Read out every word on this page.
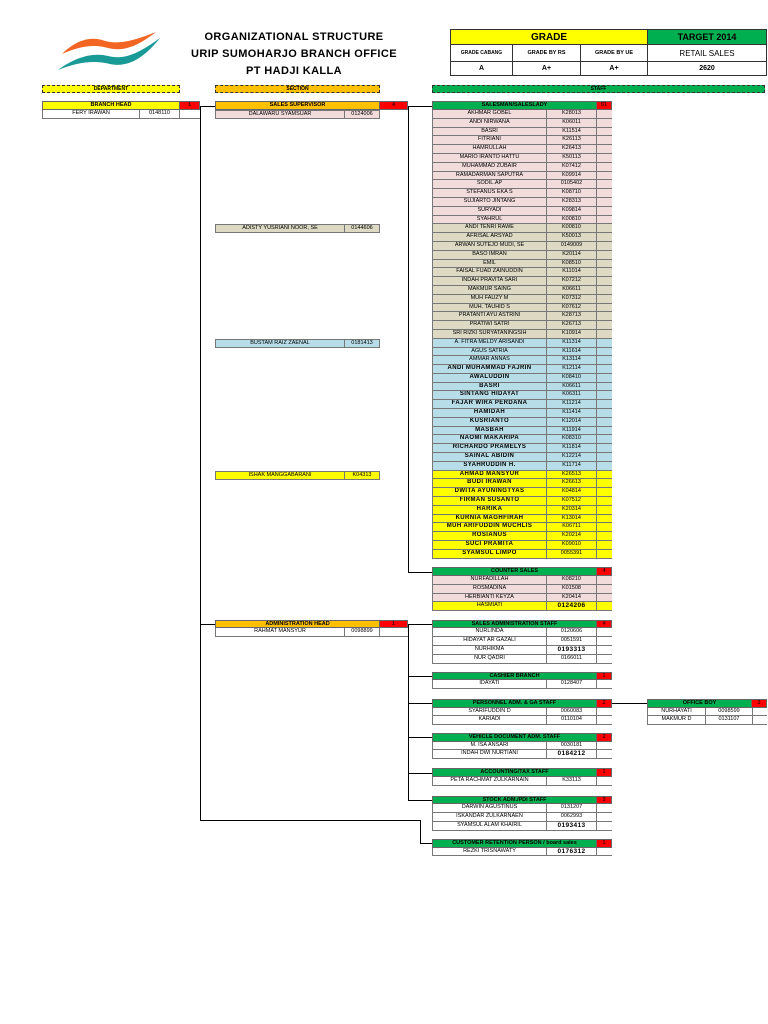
ORGANIZATIONAL STRUCTURE
URIP SUMOHARJO BRANCH OFFICE
PT HADJI KALLA
GRADE	TARGET 2014
GRADE CABANG	GRADE BY RS	GRADE BY UE	RETAIL SALES
A	A+	A+	2620
DEPARTMENT	SECTION	STAFF
BRANCH HEAD	1
FERY IRAWAN	0148110
SALES SUPERVISOR	4
DALAWARU SYAMSUAR	0124006
ADISTY YUSRIANI NOOR, SE	0144606
BUSTAM RAIZ ZAENAL	0181413
ISHAK MANGGABARANI	K04313
SALESMAN/SALESLADY	51
AKHMAR GOBEL	K28013
ANDI NIRWANA	K06011
BASRI	K11514
FITRIANI	K26113
HAMRULLAH	K26413
MARIO IRANTO HATTU	K50113
MUHAMMAD ZUBAIR	K07412
RAMADARMAN SAPUTRA	K09914
SODIL.AP	0105402
STEFANUS EKA S	K08710
SUJIARTO JINTANG	K28313
SURYADI	K09814
SYAHRUL	K00810
ANDI TENRI RAWE	K00810
AFRISAL ARSYAD	K50013
ARWAN SUTEJO MUDI, SE	0149009
BASO IMRAN	K20114
EMIL	K08510
FAISAL FUAD ZAINUDDIN	K11014
INDAH PRAVITA SARI	K07212
MAKMUR SAING	K06611
MUH FAUZY M	K07312
MUH. TAUHID S	K07612
PRATANTI AYU ASTRINI	K28713
PRATIWI SATRI	K26713
SRI RIZKI SURYATANINGSIH	K10914
A. FITRA MELDY ARISANDI	K11314
AGUS SATRIA	K11614
AMMAR ANNAS	K13114
ANDI MUHAMMAD FAJRIN	K12114
AWALUDDIN	K08410
BASRI	K06611
SINTANG HIDAYAT	K06311
FAJAR WIRA PERDANA	K11214
HAMIDAH	K11414
KUSRIANTO	K12014
MASBAH	K11914
NAOMI MAKARIPA	K08310
RICHARDO PRAMELYS	K11814
SAINAL ABIDIN	K12214
SYAHRUDDIN H.	K11714
AHMAD MANSYUR	K26513
BUDI IRAWAN	K26613
DWITA AYUNINGTYAS	K04814
FIRMAN SUSANTO	K07512
HARIKA	K20314
KURNIA MAGHFIRAH	K13014
MUH ARIFUDDIN MUCHLIS	K06711
ROSIANUS	K20214
SUCI PRAMITA	K09010
SYAMSUL LIMPO	0055391
COUNTER SALES	4
NURFADILLAH	K08210
ROSMADINA	K01508
HERBIANTI KEYZA	K20414
HASMIATI	0124206
ADMINISTRATION HEAD	1
RAHMAT MANSYUR	0098899
SALES ADMINISTRATION STAFF	4
NURLINDA	0120606
HIDAYAT AR GAZALI	0051591
NURHIKMA	0193313
NUR QADRI	0166011
CASHIER BRANCH	1
IDAYATI	0128407
PERSONNEL ADM. & GA STAFF	2
SYARIFUDDIN D	0060083
KARIADI	0110104
OFFICE BOY	2
NURHAYATI	0098599
MAKMUR D	0131107
VEHICLE DOCUMENT ADM. STAFF	2
M. ISA ANSARI	0030181
INDAH DWI NURTIANI	0184212
ACCOUNTING/TAX STAFF	1
PETA RACHMAT ZULKARNAIN	K33113
STOCK ADM./PDI STAFF	3
DARWIN AGUSTINUS	0131207
ISKANDAR ZULKARNAEN	0062993
SYAMSUL ALAM KHAIRIL	0193413
CUSTOMER RETENTION PERSON / board sales	1
REZKI TRISNAWATY	0176312
